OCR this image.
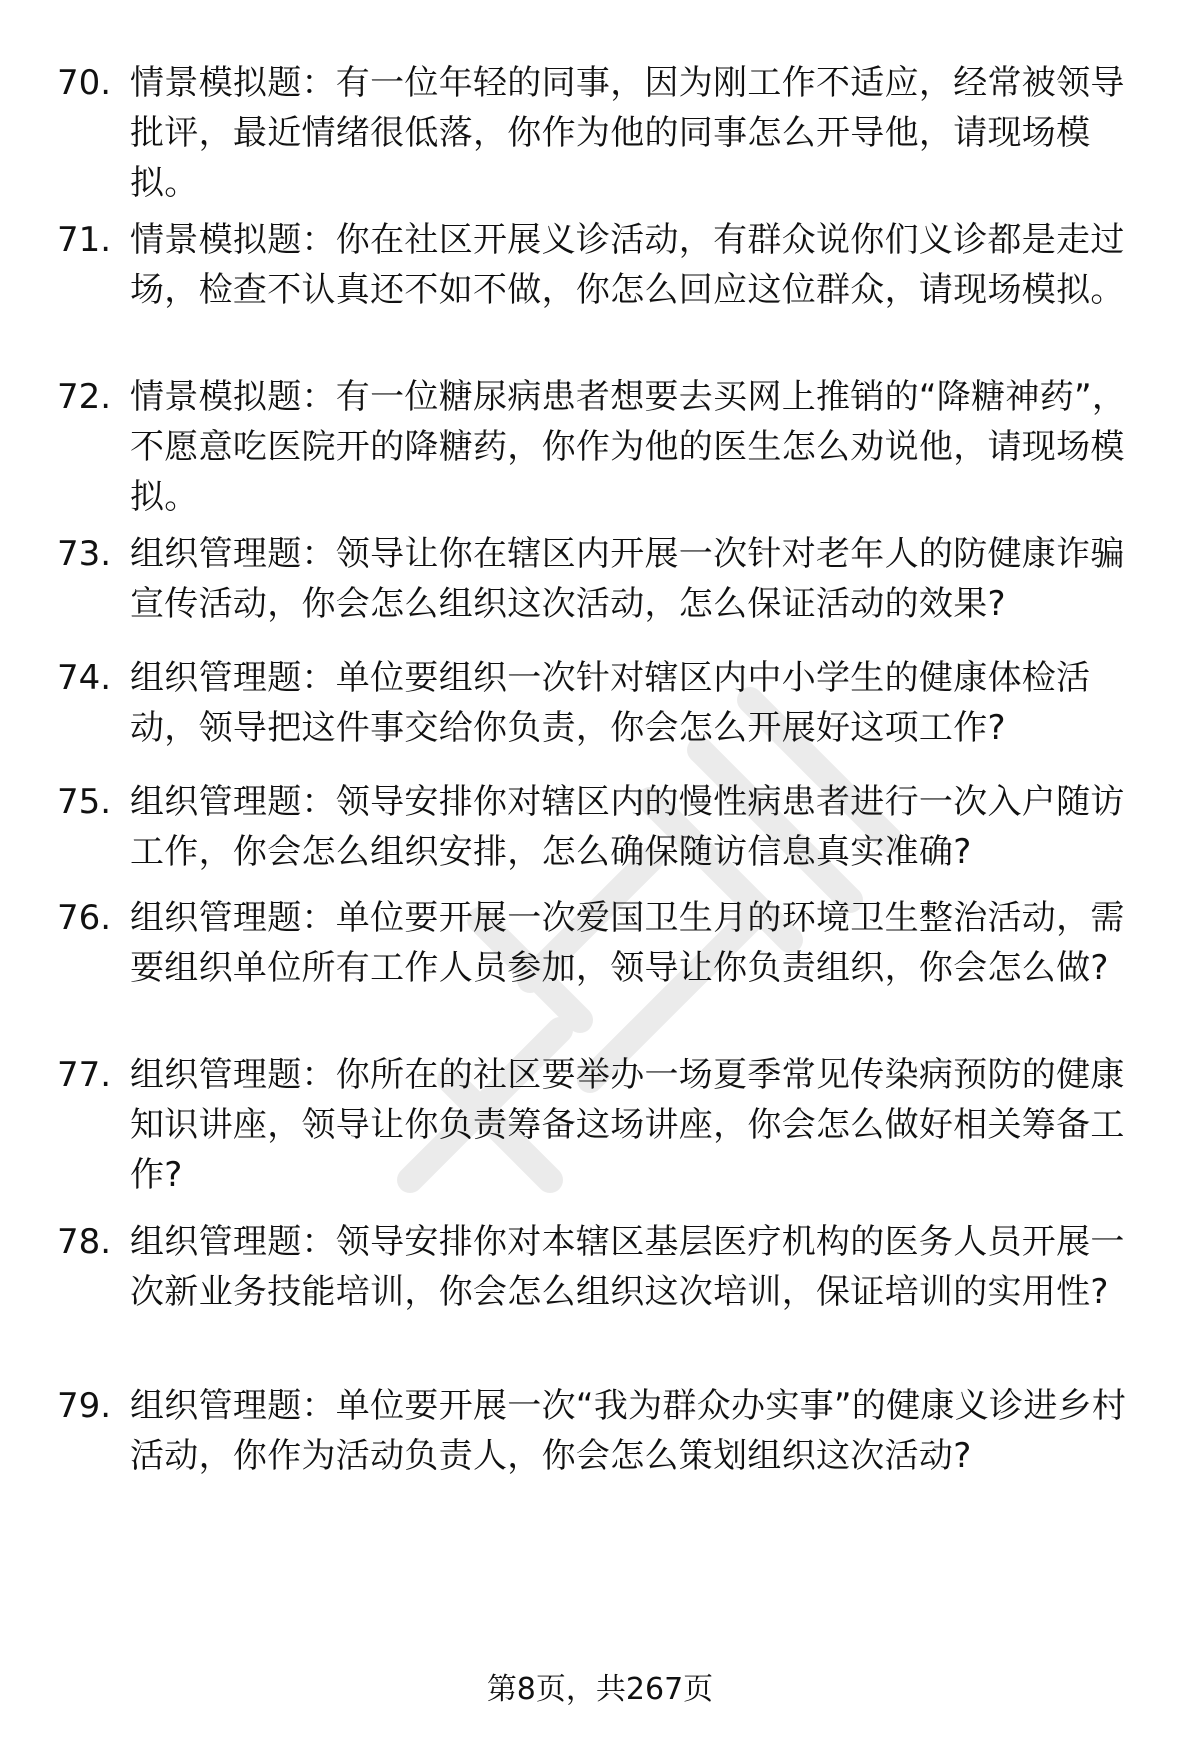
70. 情景模拟题：有一位年轻的同事，因为刚工作不适应，经常被领导批评，最近情绪很低落，你作为他的同事怎么开导他，请现场模拟。
71. 情景模拟题：你在社区开展义诊活动，有群众说你们义诊都是走过场，检查不认真还不如不做，你怎么回应这位群众，请现场模拟。
72. 情景模拟题：有一位糖尿病患者想要去买网上推销的“降糖神药”，不愿意吃医院开的降糖药，你作为他的医生怎么劝说他，请现场模拟。
73. 组织管理题：领导让你在辖区内开展一次针对老年人的防健康诈骗宣传活动，你会怎么组织这次活动，怎么保证活动的效果?
74. 组织管理题：单位要组织一次针对辖区内中小学生的健康体检活动，领导把这件事交给你负责，你会怎么开展好这项工作?
75. 组织管理题：领导安排你对辖区内的慢性病患者进行一次入户随访工作，你会怎么组织安排，怎么确保随访信息真实准确?
76. 组织管理题：单位要开展一次爱国卫生月的环境卫生整治活动，需要组织单位所有工作人员参加，领导让你负责组织，你会怎么做?
77. 组织管理题：你所在的社区要举办一场夏季常见传染病预防的健康知识讲座，领导让你负责筹备这场讲座，你会怎么做好相关筹备工作?
78. 组织管理题：领导安排你对本辖区基层医疗机构的医务人员开展一次新业务技能培训，你会怎么组织这次培训，保证培训的实用性?
79. 组织管理题：单位要开展一次“我为群众办实事”的健康义诊进乡村活动，你作为活动负责人，你会怎么策划组织这次活动?
第8页，共267页
